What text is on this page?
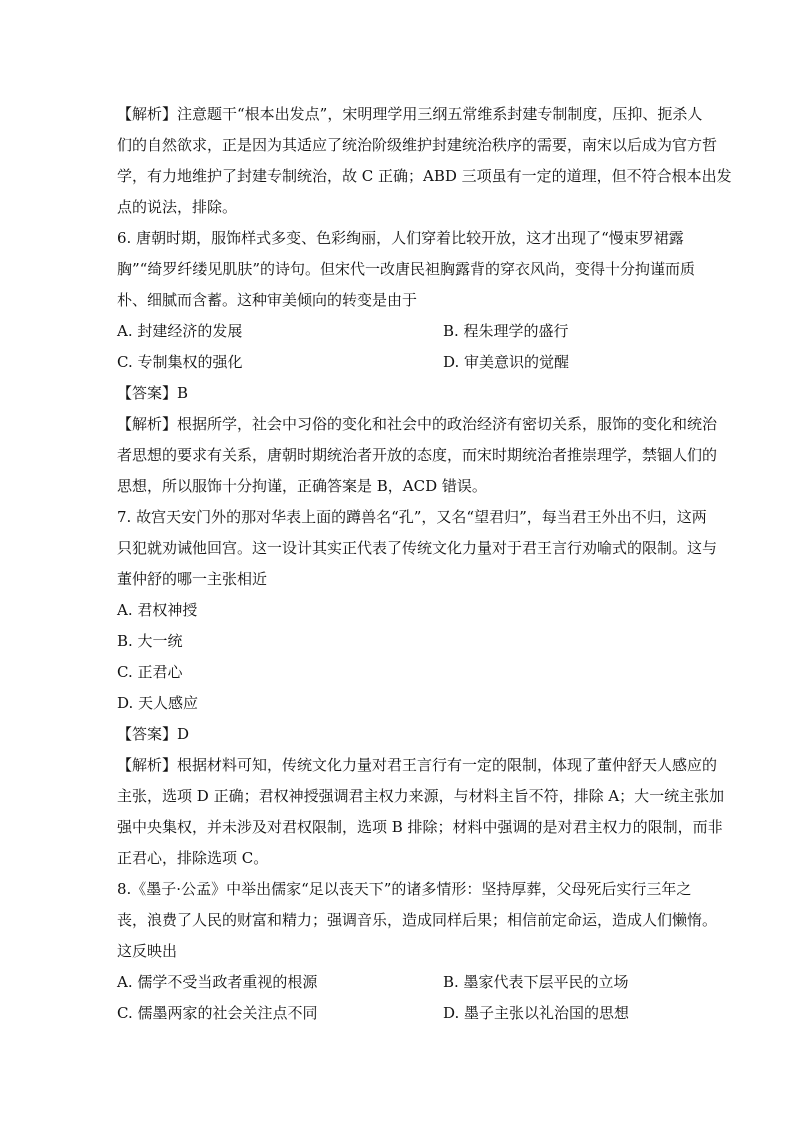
【解析】注意题干“根本出发点”，宋明理学用三纲五常维系封建专制制度，压抑、扼杀人
们的自然欲求，正是因为其适应了统治阶级维护封建统治秩序的需要，南宋以后成为官方哲
学，有力地维护了封建专制统治，故 C 正确；ABD 三项虽有一定的道理，但不符合根本出发
点的说法，排除。

6. 唐朝时期，服饰样式多变、色彩绚丽，人们穿着比较开放，这才出现了“慢束罗裙露
胸”“绮罗纤缕见肌肤”的诗句。但宋代一改唐民袒胸露背的穿衣风尚，变得十分拘谨而质
朴、细腻而含蓄。这种审美倾向的转变是由于

A. 封建经济的发展	B. 程朱理学的盛行
C. 专制集权的强化	D. 审美意识的觉醒

【答案】B

【解析】根据所学，社会中习俗的变化和社会中的政治经济有密切关系，服饰的变化和统治
者思想的要求有关系，唐朝时期统治者开放的态度，而宋时期统治者推崇理学，禁锢人们的
思想，所以服饰十分拘谨，正确答案是 B，ACD 错误。

7. 故宫天安门外的那对华表上面的蹲兽名“孔”，又名“望君归”，每当君王外出不归，这两
只犯就劝诫他回宫。这一设计其实正代表了传统文化力量对于君王言行劝喻式的限制。这与
董仲舒的哪一主张相近

A. 君权神授
B. 大一统
C. 正君心
D. 天人感应

【答案】D

【解析】根据材料可知，传统文化力量对君王言行有一定的限制，体现了董仲舒天人感应的
主张，选项 D 正确；君权神授强调君主权力来源，与材料主旨不符，排除 A；大一统主张加
强中央集权，并未涉及对君权限制，选项 B 排除；材料中强调的是对君主权力的限制，而非
正君心，排除选项 C。

8.《墨子·公孟》中举出儒家“足以丧天下”的诸多情形：坚持厚葬，父母死后实行三年之
丧，浪费了人民的财富和精力；强调音乐，造成同样后果；相信前定命运，造成人们懒惰。
这反映出

A. 儒学不受当政者重视的根源	B. 墨家代表下层平民的立场
C. 儒墨两家的社会关注点不同	D. 墨子主张以礼治国的思想
